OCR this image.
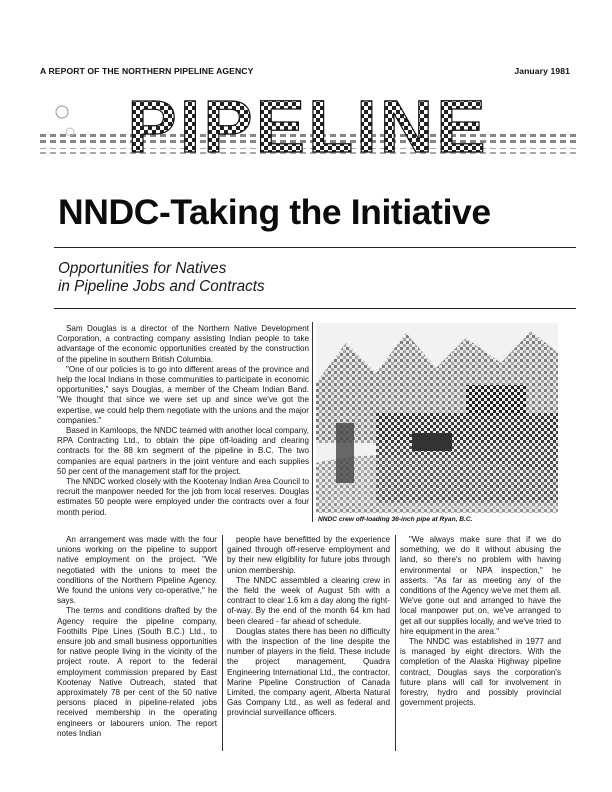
A REPORT OF THE NORTHERN PIPELINE AGENCY	January 1981
PIPELINE
NNDC-Taking the Initiative
Opportunities for Natives
in Pipeline Jobs and Contracts

Sam Douglas is a director of the Northern Native Development Corporation, a contracting company assisting Indian people to take advantage of the economic opportunities created by the construction of the pipeline in southern British Columbia.

"One of our policies is to go into different areas of the province and help the local Indians in those communities to participate in economic opportunities," says Douglas, a member of the Cheam Indian Band. "We thought that since we were set up and since we've got the expertise, we could help them negotiate with the unions and the major companies."

Based in Kamloops, the NNDC teamed with another local company, RPA Contracting Ltd., to obtain the pipe off-loading and clearing contracts for the 88 km segment of the pipeline in B.C. The two companies are equal partners in the joint venture and each supplies 50 per cent of the management staff for the project.

The NNDC worked closely with the Kootenay Indian Area Council to recruit the manpower needed for the job from local reserves. Douglas estimates 50 people were employed under the contracts over a four month period.

NNDC crew off-loading 36-inch pipe at Ryan, B.C.

An arrangement was made with the four unions working on the pipeline to support native employment on the project. "We negotiated with the unions to meet the conditions of the Northern Pipeline Agency. We found the unions very co-operative," he says.

The terms and conditions drafted by the Agency require the pipeline company, Foothills Pipe Lines (South B.C.) Ltd., to ensure job and small business opportunities for native people living in the vicinity of the project route. A report to the federal employment commission prepared by East Kootenay Native Outreach, stated that approximately 78 per cent of the 50 native persons placed in pipeline-related jobs received membership in the operating engineers or labourers union. The report notes Indian

people have benefitted by the experience gained through off-reserve employment and by their new eligibility for future jobs through union membership.

The NNDC assembled a clearing crew in the field the week of August 5th with a contract to clear 1.6 km a day along the right-of-way. By the end of the month 64 km had been cleared - far ahead of schedule.

Douglas states there has been no difficulty with the inspection of the line despite the number of players in the field. These include the project management, Quadra Engineering International Ltd., the contractor, Marine Pipeline Construction of Canada Limited, the company agent, Alberta Natural Gas Company Ltd., as well as federal and provincial surveillance officers.

"We always make sure that if we do something, we do it without abusing the land, so there's no problem with having environmental or NPA inspection," he asserts. "As far as meeting any of the conditions of the Agency we've met them all. We've gone out and arranged to have the local manpower put on, we've arranged to get all our supplies locally, and we've tried to hire equipment in the area."

The NNDC was established in 1977 and is managed by eight directors. With the completion of the Alaska Highway pipeline contract, Douglas says the corporation's future plans will call for involvement in forestry, hydro and possibly provincial government projects.
